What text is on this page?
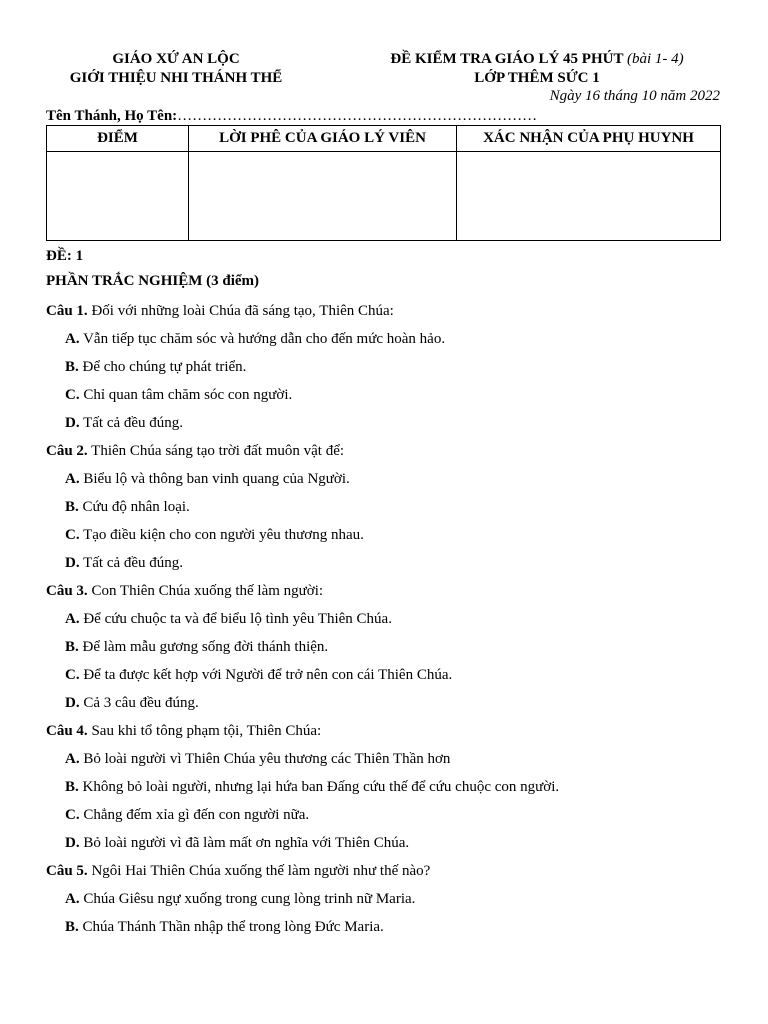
GIÁO XỨ AN LỘC
GIỚI THIỆU NHI THÁNH THỂ
ĐỀ KIỂM TRA GIÁO LÝ 45 PHÚT (bài 1- 4)
LỚP THÊM SỨC 1
Ngày 16 tháng 10 năm 2022
Tên Thánh, Họ Tên:………………………………………………………………
ĐIỂM	LỜI PHÊ CỦA GIÁO LÝ VIÊN	XÁC NHẬN CỦA PHỤ HUYNH

ĐỀ: 1
PHẦN TRẮC NGHIỆM (3 điểm)
Câu 1. Đối với những loài Chúa đã sáng tạo, Thiên Chúa:
A. Vẫn tiếp tục chăm sóc và hướng dẫn cho đến mức hoàn hảo.
B. Để cho chúng tự phát triển.
C. Chỉ quan tâm chăm sóc con người.
D. Tất cả đều đúng.
Câu 2. Thiên Chúa sáng tạo trời đất muôn vật để:
A. Biểu lộ và thông ban vinh quang của Người.
B. Cứu độ nhân loại.
C. Tạo điều kiện cho con người yêu thương nhau.
D. Tất cả đều đúng.
Câu 3. Con Thiên Chúa xuống thế làm người:
A. Để cứu chuộc ta và để biểu lộ tình yêu Thiên Chúa.
B. Để làm mẫu gương sống đời thánh thiện.
C. Để ta được kết hợp với Người để trở nên con cái Thiên Chúa.
D. Cả 3 câu đều đúng.
Câu 4. Sau khi tổ tông phạm tội, Thiên Chúa:
A. Bỏ loài người vì Thiên Chúa yêu thương các Thiên Thần hơn
B. Không bỏ loài người, nhưng lại hứa ban Đấng cứu thế để cứu chuộc con người.
C. Chẳng đếm xỉa gì đến con người nữa.
D. Bỏ loài người vì đã làm mất ơn nghĩa với Thiên Chúa.
Câu 5. Ngôi Hai Thiên Chúa xuống thế làm người như thế nào?
A. Chúa Giêsu ngự xuống trong cung lòng trinh nữ Maria.
B. Chúa Thánh Thần nhập thể trong lòng Đức Maria.
